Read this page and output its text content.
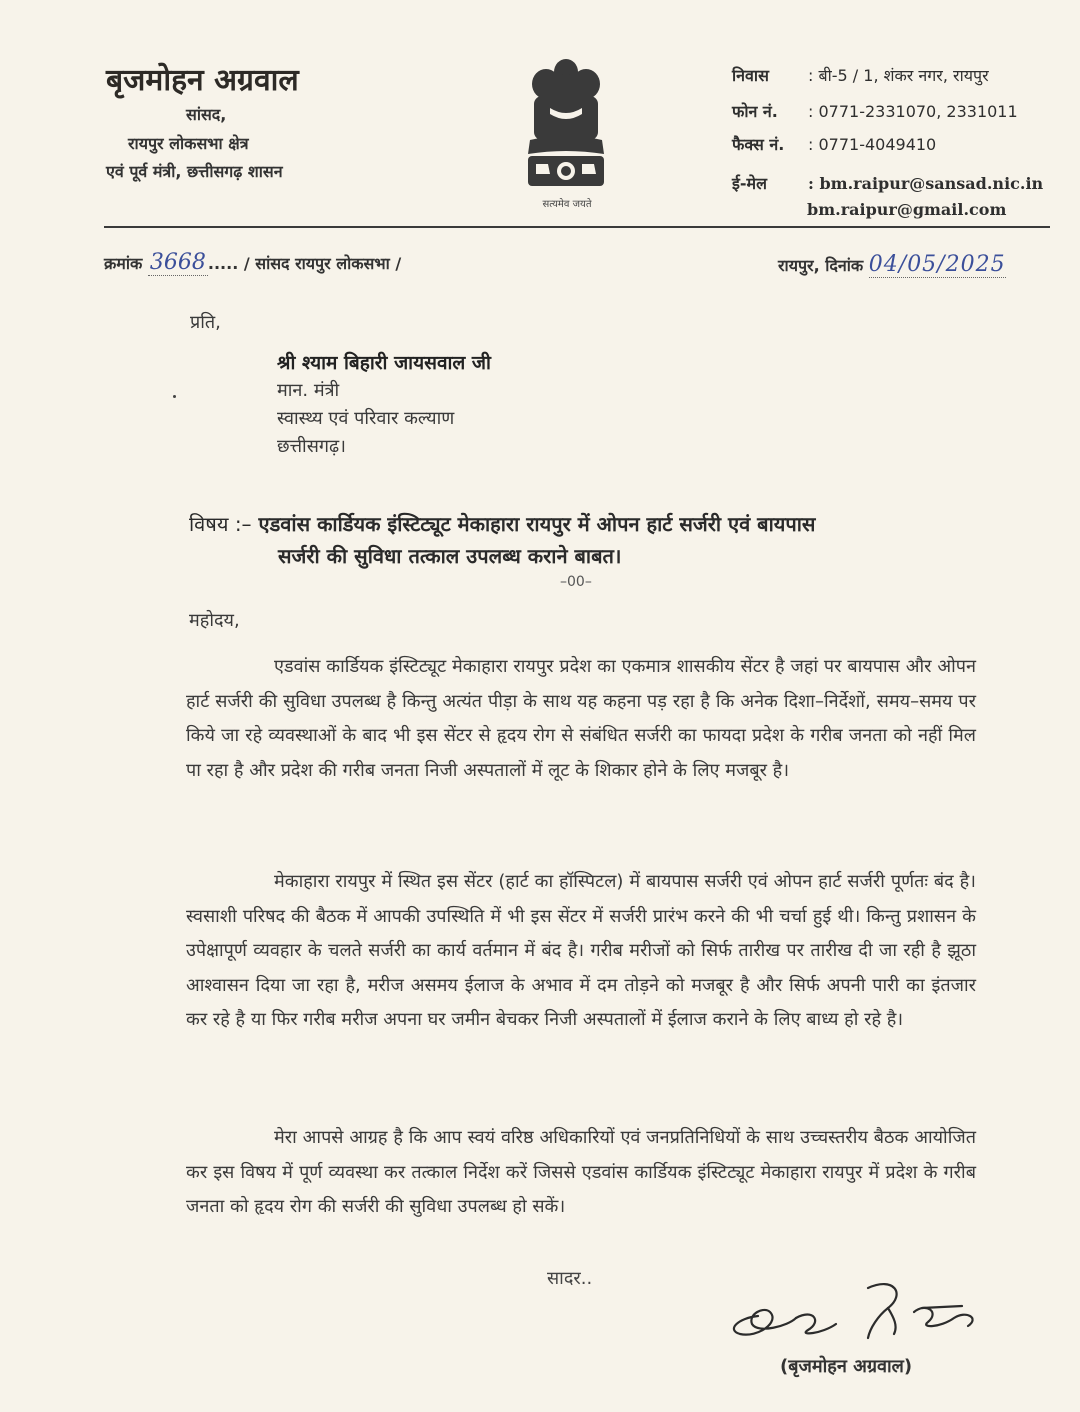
बृजमोहन अग्रवाल
सांसद,
रायपुर लोकसभा क्षेत्र
एवं पूर्व मंत्री, छत्तीसगढ़ शासन
सत्यमेव जयते
निवास : बी-5 / 1, शंकर नगर, रायपुर
फोन नं. : 0771-2331070, 2331011
फैक्स नं. : 0771-4049410
ई-मेल	: bm.raipur@sansad.nic.in
bm.raipur@gmail.com
क्रमांक 3668 ..... / सांसद रायपुर लोकसभा /	रायपुर, दिनांक 04/05/2025
प्रति,
श्री श्याम बिहारी जायसवाल जी
मान. मंत्री
स्वास्थ्य एवं परिवार कल्याण
छत्तीसगढ़।
विषय :– एडवांस कार्डियक इंस्टिट्यूट मेकाहारा रायपुर में ओपन हार्ट सर्जरी एवं बायपास
सर्जरी की सुविधा तत्काल उपलब्ध कराने बाबत।
–00–
महोदय,
एडवांस कार्डियक इंस्टिट्यूट मेकाहारा रायपुर प्रदेश का एकमात्र शासकीय सेंटर है जहां पर बायपास और ओपन हार्ट सर्जरी की सुविधा उपलब्ध है किन्तु अत्यंत पीड़ा के साथ यह कहना पड़ रहा है कि अनेक दिशा–निर्देशों, समय–समय पर किये जा रहे व्यवस्थाओं के बाद भी इस सेंटर से हृदय रोग से संबंधित सर्जरी का फायदा प्रदेश के गरीब जनता को नहीं मिल पा रहा है और प्रदेश की गरीब जनता निजी अस्पतालों में लूट के शिकार होने के लिए मजबूर है।
मेकाहारा रायपुर में स्थित इस सेंटर (हार्ट का हॉस्पिटल) में बायपास सर्जरी एवं ओपन हार्ट सर्जरी पूर्णतः बंद है। स्वसाशी परिषद की बैठक में आपकी उपस्थिति में भी इस सेंटर में सर्जरी प्रारंभ करने की भी चर्चा हुई थी। किन्तु प्रशासन के उपेक्षापूर्ण व्यवहार के चलते सर्जरी का कार्य वर्तमान में बंद है। गरीब मरीजों को सिर्फ तारीख पर तारीख दी जा रही है झूठा आश्वासन दिया जा रहा है, मरीज असमय ईलाज के अभाव में दम तोड़ने को मजबूर है और सिर्फ अपनी पारी का इंतजार कर रहे है या फिर गरीब मरीज अपना घर जमीन बेचकर निजी अस्पतालों में ईलाज कराने के लिए बाध्य हो रहे है।
मेरा आपसे आग्रह है कि आप स्वयं वरिष्ठ अधिकारियों एवं जनप्रतिनिधियों के साथ उच्चस्तरीय बैठक आयोजित कर इस विषय में पूर्ण व्यवस्था कर तत्काल निर्देश करें जिससे एडवांस कार्डियक इंस्टिट्यूट मेकाहारा रायपुर में प्रदेश के गरीब जनता को हृदय रोग की सर्जरी की सुविधा उपलब्ध हो सकें।
सादर..
(बृजमोहन अग्रवाल)
